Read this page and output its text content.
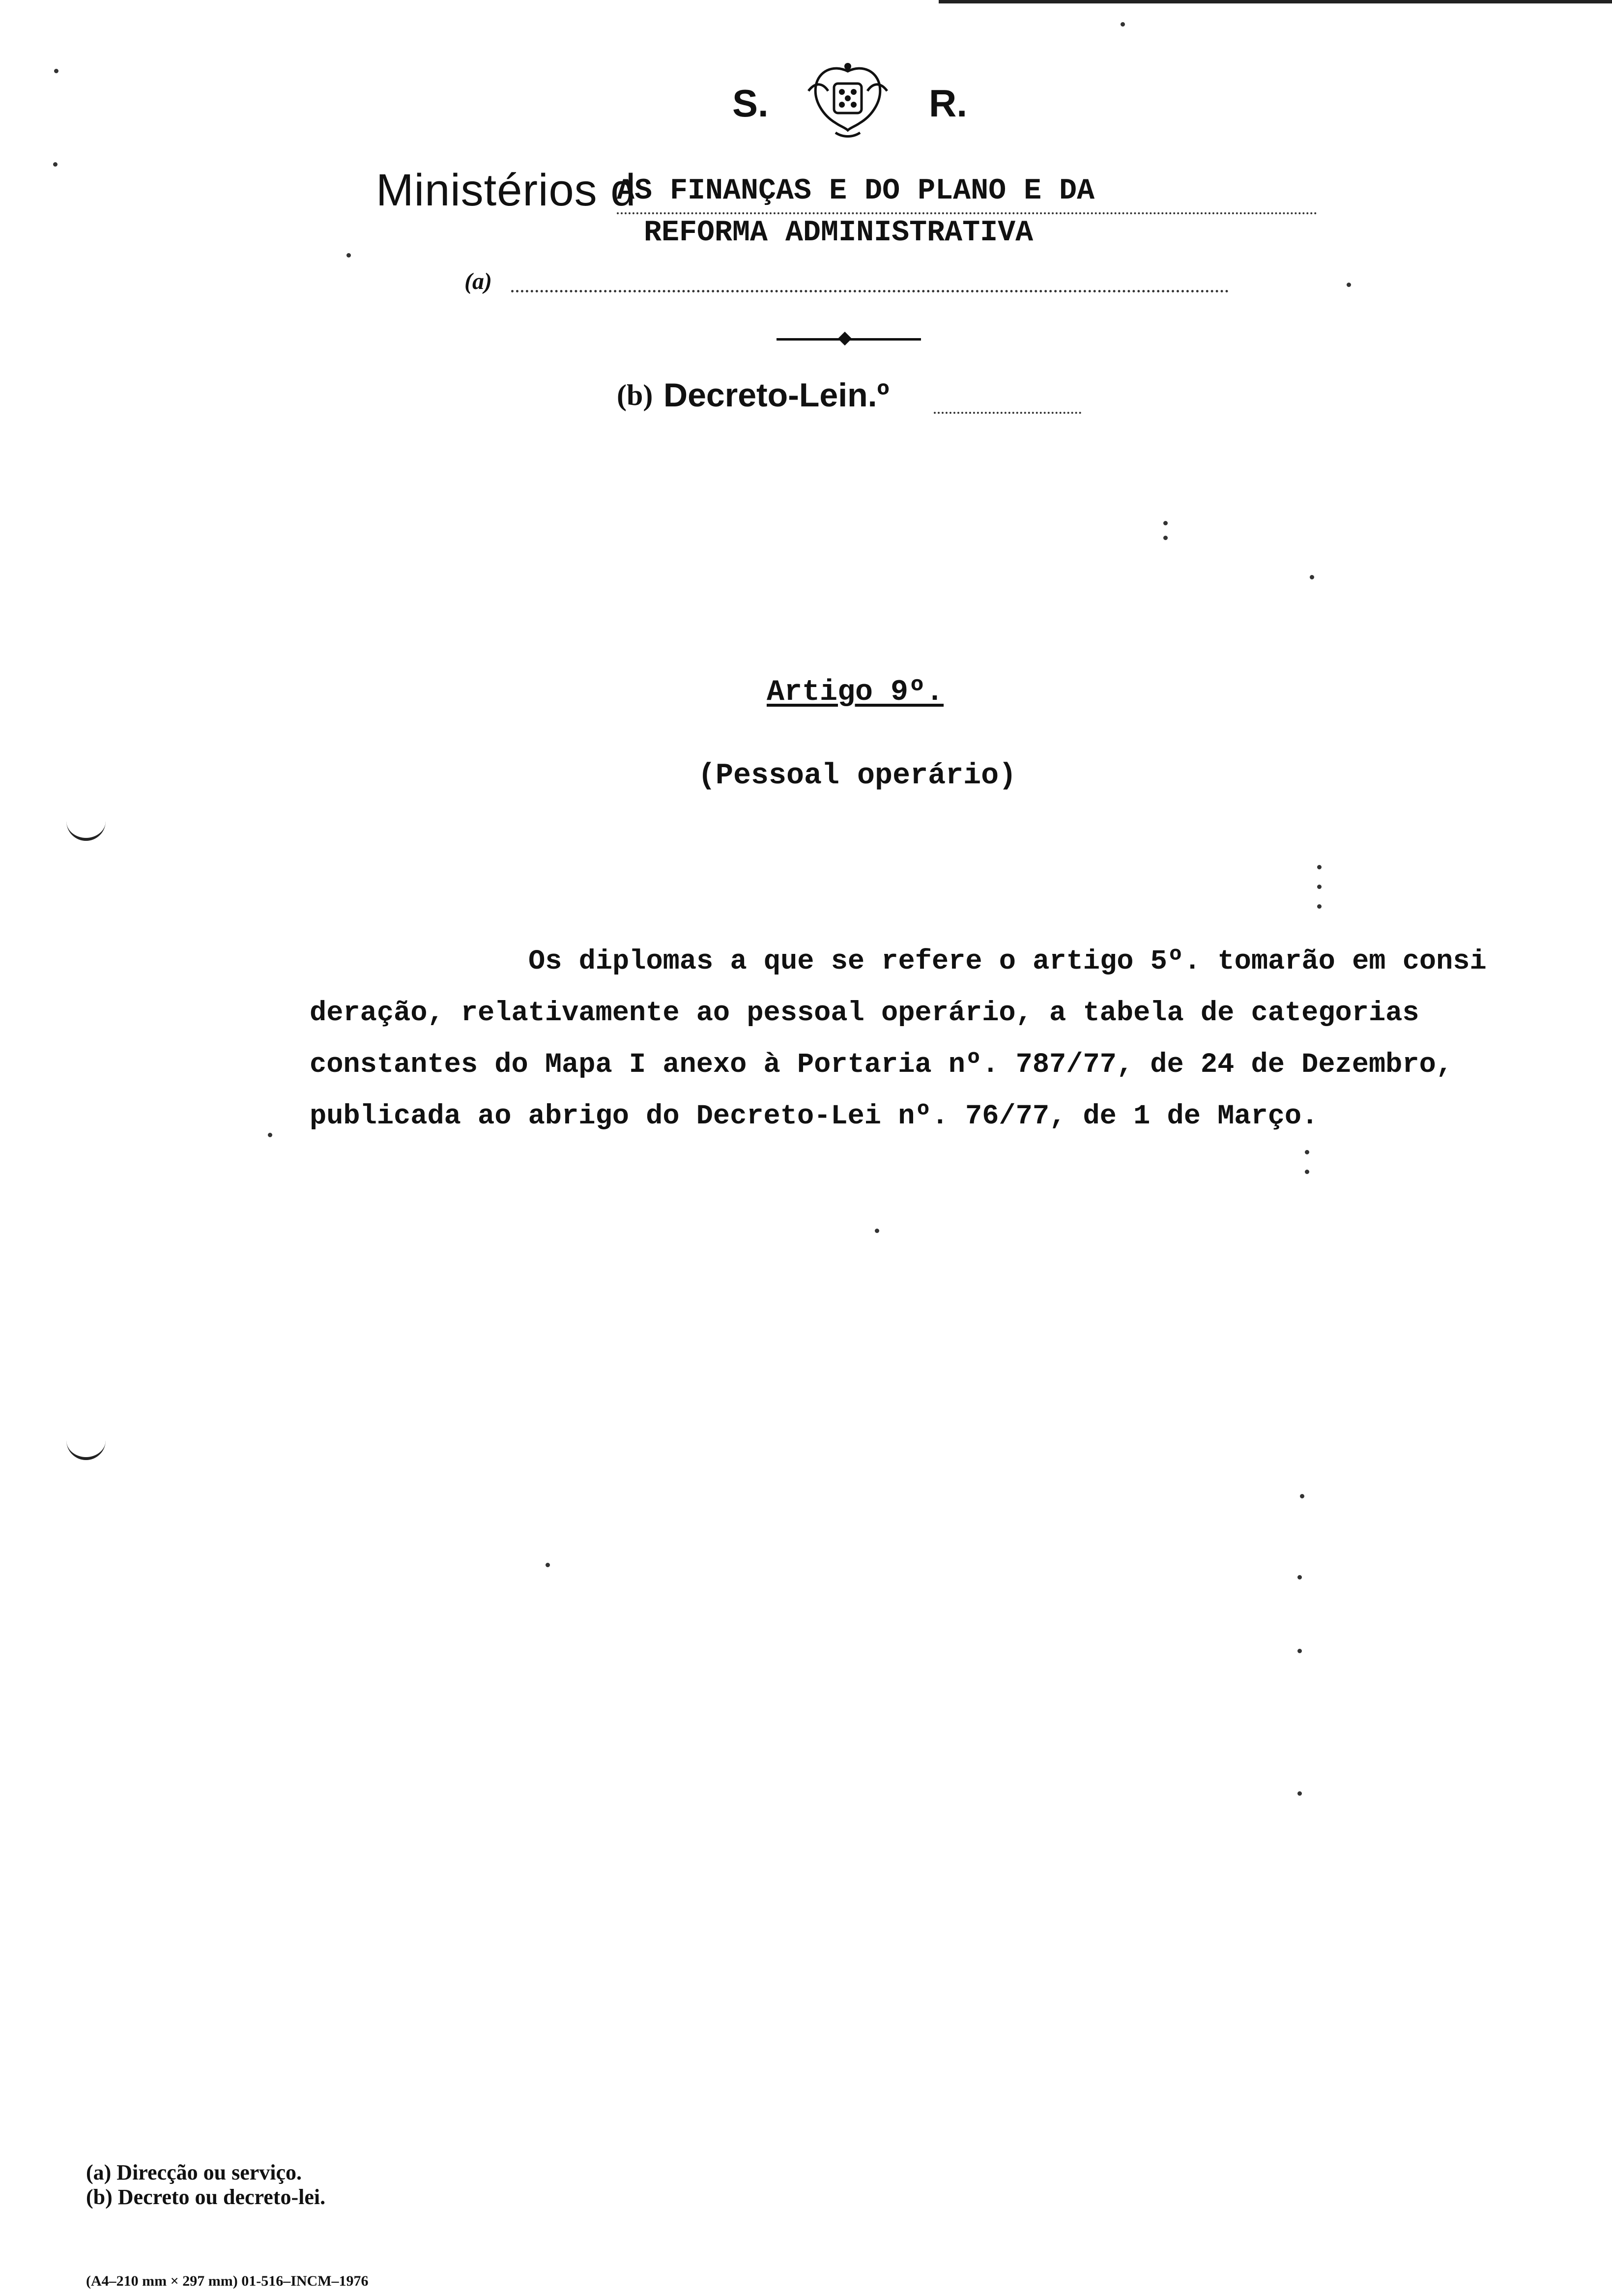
S.	R.
Ministérios d
AS FINANÇAS E DO PLANO E DA
REFORMA ADMINISTRATIVA
(a)
(b) Decreto-Lein.º
Artigo 9º.
(Pessoal operário)
Os diplomas a que se refere o artigo 5º. tomarão em consi
deração, relativamente ao pessoal operário, a tabela de categorias
constantes do Mapa I anexo à Portaria nº. 787/77, de 24 de Dezembro,
publicada ao abrigo do Decreto-Lei nº. 76/77, de 1 de Março.
(a) Direcção ou serviço.
(b) Decreto ou decreto-lei.
(A4–210 mm × 297 mm) 01-516–INCM–1976
